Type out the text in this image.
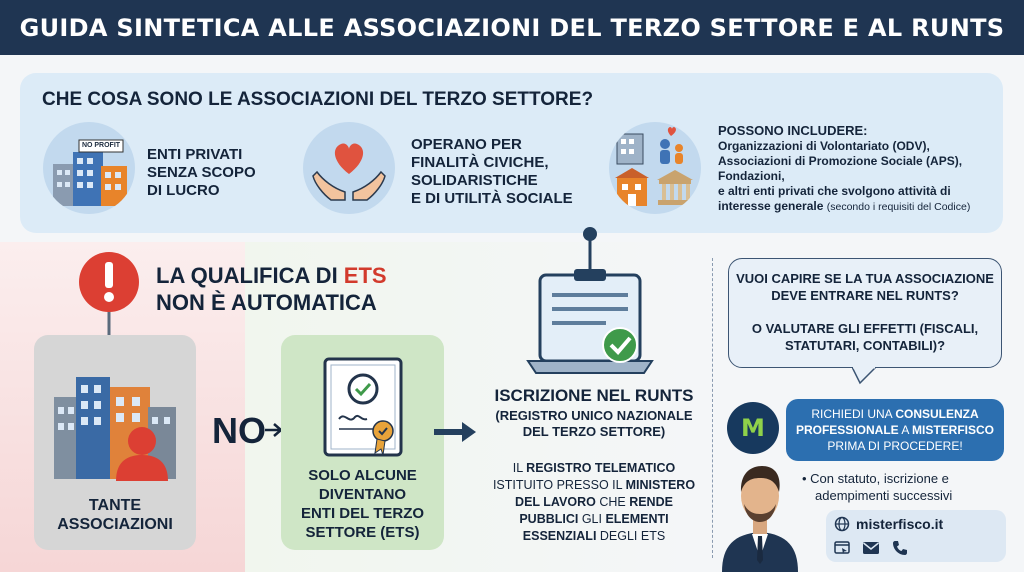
GUIDA SINTETICA ALLE ASSOCIAZIONI DEL TERZO SETTORE E AL RUNTS
CHE COSA SONO LE ASSOCIAZIONI DEL TERZO SETTORE?
NO PROFIT
ENTI PRIVATI
SENZA SCOPO
DI LUCRO
OPERANO PER
FINALITÀ CIVICHE,
SOLIDARISTICHE
E DI UTILITÀ SOCIALE
POSSONO INCLUDERE:
Organizzazioni di Volontariato (ODV),
Associazioni di Promozione Sociale (APS),
Fondazioni,
e altri enti privati che svolgono attività di
interesse generale (secondo i requisiti del Codice)
LA QUALIFICA DI ETS
NON È AUTOMATICA
TANTE
ASSOCIAZIONI
NO
SOLO ALCUNE
DIVENTANO
ENTI DEL TERZO
SETTORE (ETS)
ISCRIZIONE NEL RUNTS
(REGISTRO UNICO NAZIONALE
DEL TERZO SETTORE)
IL REGISTRO TELEMATICO
ISTITUITO PRESSO IL MINISTERO
DEL LAVORO CHE RENDE
PUBBLICI GLI ELEMENTI
ESSENZIALI DEGLI ETS

VUOI CAPIRE SE LA TUA ASSOCIAZIONE
DEVE ENTRARE NEL RUNTS?

O VALUTARE GLI EFFETTI (FISCALI,
STATUTARI, CONTABILI)?

RICHIEDI UNA CONSULENZA
PROFESSIONALE A MISTERFISCO
PRIMA DI PROCEDERE!
M
• Con statuto, iscrizione e
adempimenti successivi
misterfisco.it
